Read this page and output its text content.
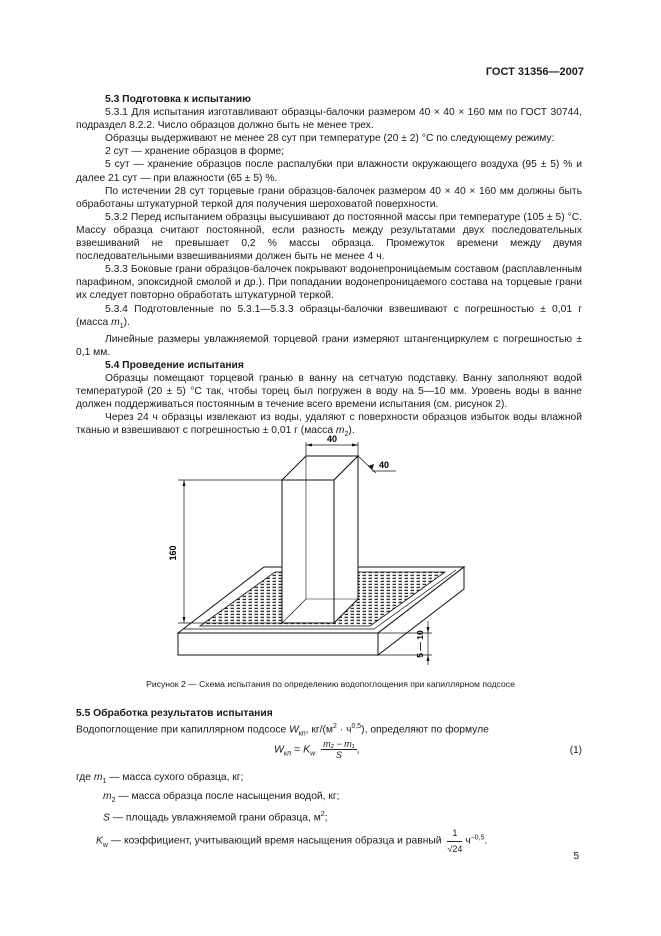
ГОСТ 31356—2007

5.3 Подготовка к испытанию

5.3.1 Для испытания изготавливают образцы-балочки размером 40 × 40 × 160 мм по ГОСТ 30744, подраздел 8.2.2. Число образцов должно быть не менее трех.

Образцы выдерживают не менее 28 сут при температуре (20 ± 2) °С по следующему режиму:

2 сут — хранение образцов в форме;

5 сут — хранение образцов после распалубки при влажности окружающего воздуха (95 ± 5) % и далее 21 сут — при влажности (65 ± 5) %.

По истечении 28 сут торцевые грани образцов-балочек размером 40 × 40 × 160 мм должны быть обработаны штукатурной теркой для получения шероховатой поверхности.

5.3.2 Перед испытанием образцы высушивают до постоянной массы при температуре (105 ± 5) °С. Массу образца считают постоянной, если разность между результатами двух последовательных взвешиваний не превышает 0,2 % массы образца. Промежуток времени между двумя последовательными взвешиваниями должен быть не менее 4 ч.

5.3.3 Боковые грани образцов-балочек покрывают водонепроницаемым составом (расплавленным парафином, эпоксидной смолой и др.). При попадании водонепроницаемого состава на торцевые грани их следует повторно обработать штукатурной теркой.

5.3.4 Подготовленные по 5.3.1—5.3.3 образцы-балочки взвешивают с погрешностью ± 0,01 г (масса $m_1$).

Линейные размеры увлажняемой торцевой грани измеряют штангенциркулем с погрешностью ± 0,1 мм.

5.4 Проведение испытания

Образцы помещают торцевой гранью в ванну на сетчатую подставку. Ванну заполняют водой температурой (20 ± 5) °С так, чтобы торец был погружен в воду на 5—10 мм. Уровень воды в ванне должен поддерживаться постоянным в течение всего времени испытания (см. рисунок 2).

Через 24 ч образцы извлекают из воды, удаляют с поверхности образцов избыток воды влажной тканью и взвешивают с погрешностью ± 0,01 г (масса $m_2$).

40
40
160
5 — 10
Рисунок 2 — Схема испытания по определению водопоглощения при капиллярном подсосе

5.5 Обработка результатов испытания

Водопоглощение при капиллярном подсосе $W_{кп}$, $кг/(м^2 \cdot ч^{0,5})$, определяют по формуле

$W_{кп} = K_w \frac{\text{m₂ − m₁}}{S}$ ,	(1)
где $m_1$ — масса сухого образца, кг;
$m_2$ — масса образца после насыщения водой, кг;
S — площадь увлажняемой грани образца, $м^2$;
$K_w$ — коэффициент, учитывающий время насыщения образца и равный $\frac{1}{√24} ч^{-0,5}$.
5
